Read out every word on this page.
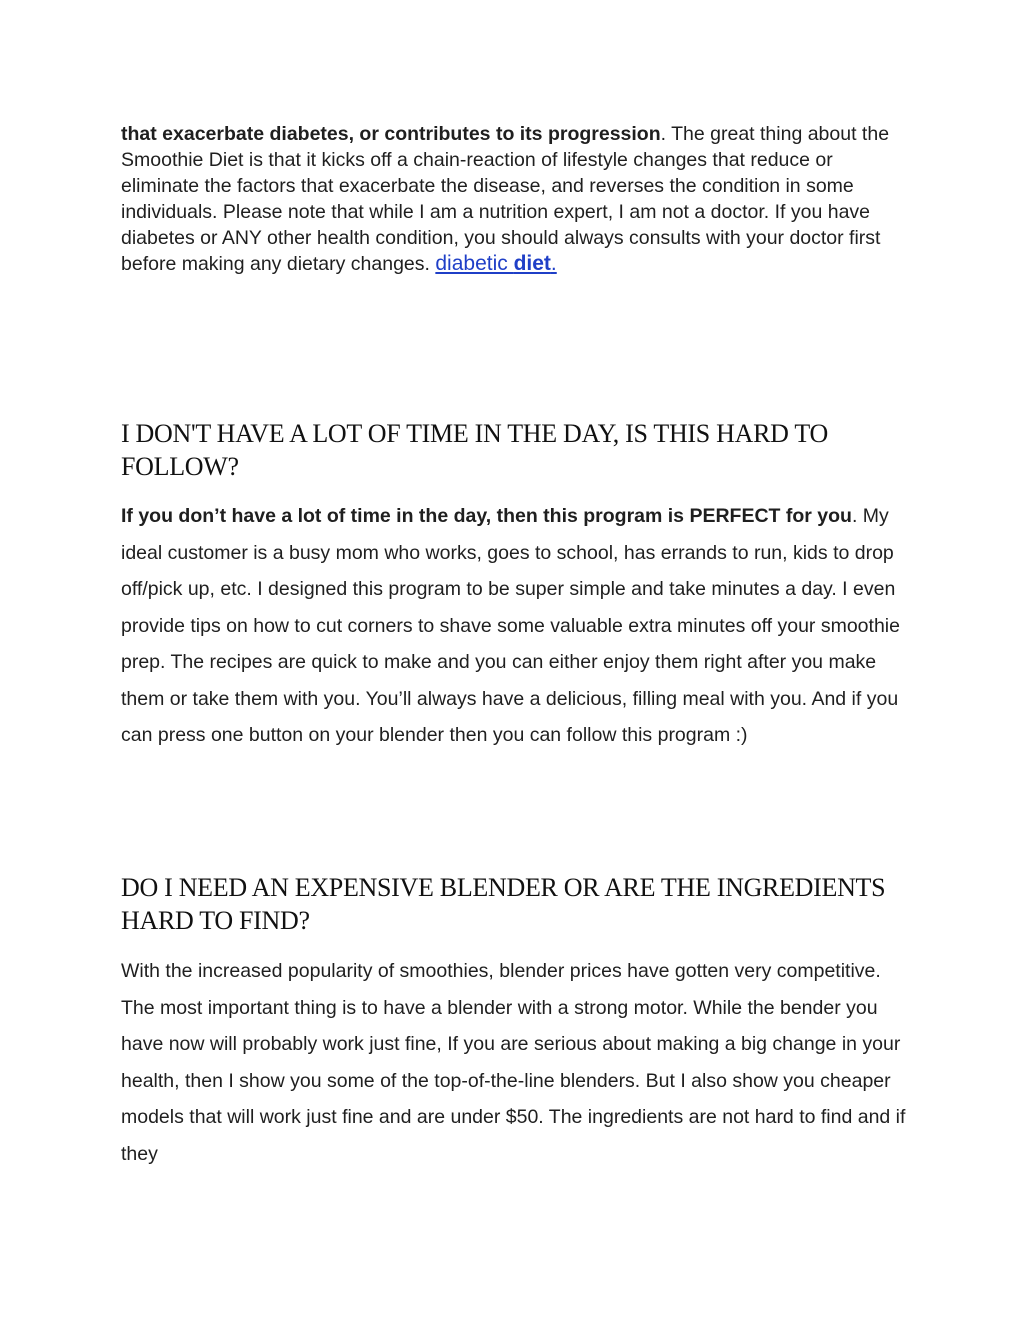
that exacerbate diabetes, or contributes to its progression. The great thing about the Smoothie Diet is that it kicks off a chain-reaction of lifestyle changes that reduce or eliminate the factors that exacerbate the disease, and reverses the condition in some individuals. Please note that while I am a nutrition expert, I am not a doctor. If you have diabetes or ANY other health condition, you should always consults with your doctor first before making any dietary changes. diabetic diet.

I DON'T HAVE A LOT OF TIME IN THE DAY, IS THIS HARD TO FOLLOW?

If you don’t have a lot of time in the day, then this program is PERFECT for you. My ideal customer is a busy mom who works, goes to school, has errands to run, kids to drop off/pick up, etc. I designed this program to be super simple and take minutes a day. I even provide tips on how to cut corners to shave some valuable extra minutes off your smoothie prep. The recipes are quick to make and you can either enjoy them right after you make them or take them with you. You’ll always have a delicious, filling meal with you. And if you can press one button on your blender then you can follow this program :)

DO I NEED AN EXPENSIVE BLENDER OR ARE THE INGREDIENTS HARD TO FIND?

With the increased popularity of smoothies, blender prices have gotten very competitive. The most important thing is to have a blender with a strong motor. While the bender you have now will probably work just fine, If you are serious about making a big change in your health, then I show you some of the top-of-the-line blenders. But I also show you cheaper models that will work just fine and are under $50. The ingredients are not hard to find and if they
